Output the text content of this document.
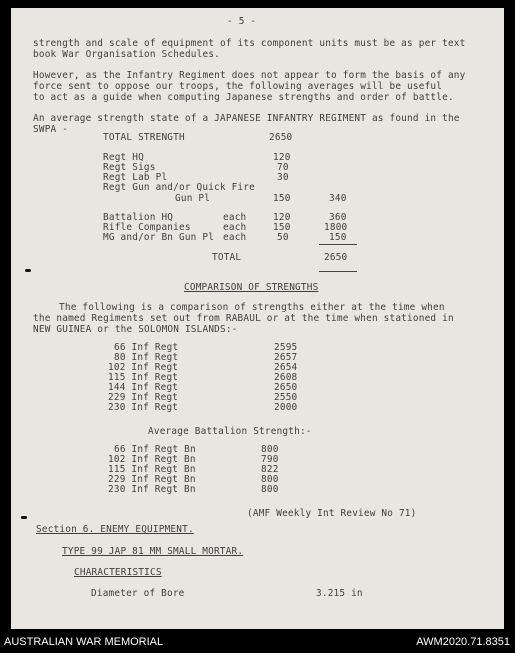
- 5 -
strength and scale of equipment of its component units must be as per text
book War Organisation Schedules.
However, as the Infantry Regiment does not appear to form the basis of any
force sent to oppose our troops, the following averages will be useful
to act as a guide when computing Japanese strengths and order of battle.
An average strength state of a JAPANESE INFANTRY REGIMENT as found in the
SWPA -
TOTAL STRENGTH	2650
Regt HQ	120
Regt Sigs	70
Regt Lab Pl	30
Regt Gun and/or Quick Fire
Gun Pl	150	340
Battalion HQ	each	120	360
Rifle Companies	each	150	1800
MG and/or Bn Gun Pl each	50	150
TOTAL	2650
COMPARISON OF STRENGTHS
The following is a comparison of strengths either at the time when
the named Regiments set out from RABAUL or at the time when stationed in
NEW GUINEA or the SOLOMON ISLANDS:-
66 Inf Regt	2595
80 Inf Regt	2657
102 Inf Regt	2654
115 Inf Regt	2608
144 Inf Regt	2650
229 Inf Regt	2550
230 Inf Regt	2000
Average Battalion Strength:-
66 Inf Regt Bn	800
102 Inf Regt Bn	790
115 Inf Regt Bn	822
229 Inf Regt Bn	800
230 Inf Regt Bn	800
(AMF Weekly Int Review No 71)
Section 6. ENEMY EQUIPMENT.
TYPE 99 JAP 81 MM SMALL MORTAR.
CHARACTERISTICS
Diameter of Bore	3.215 in
AUSTRALIAN WAR MEMORIAL	AWM2020.71.8351
